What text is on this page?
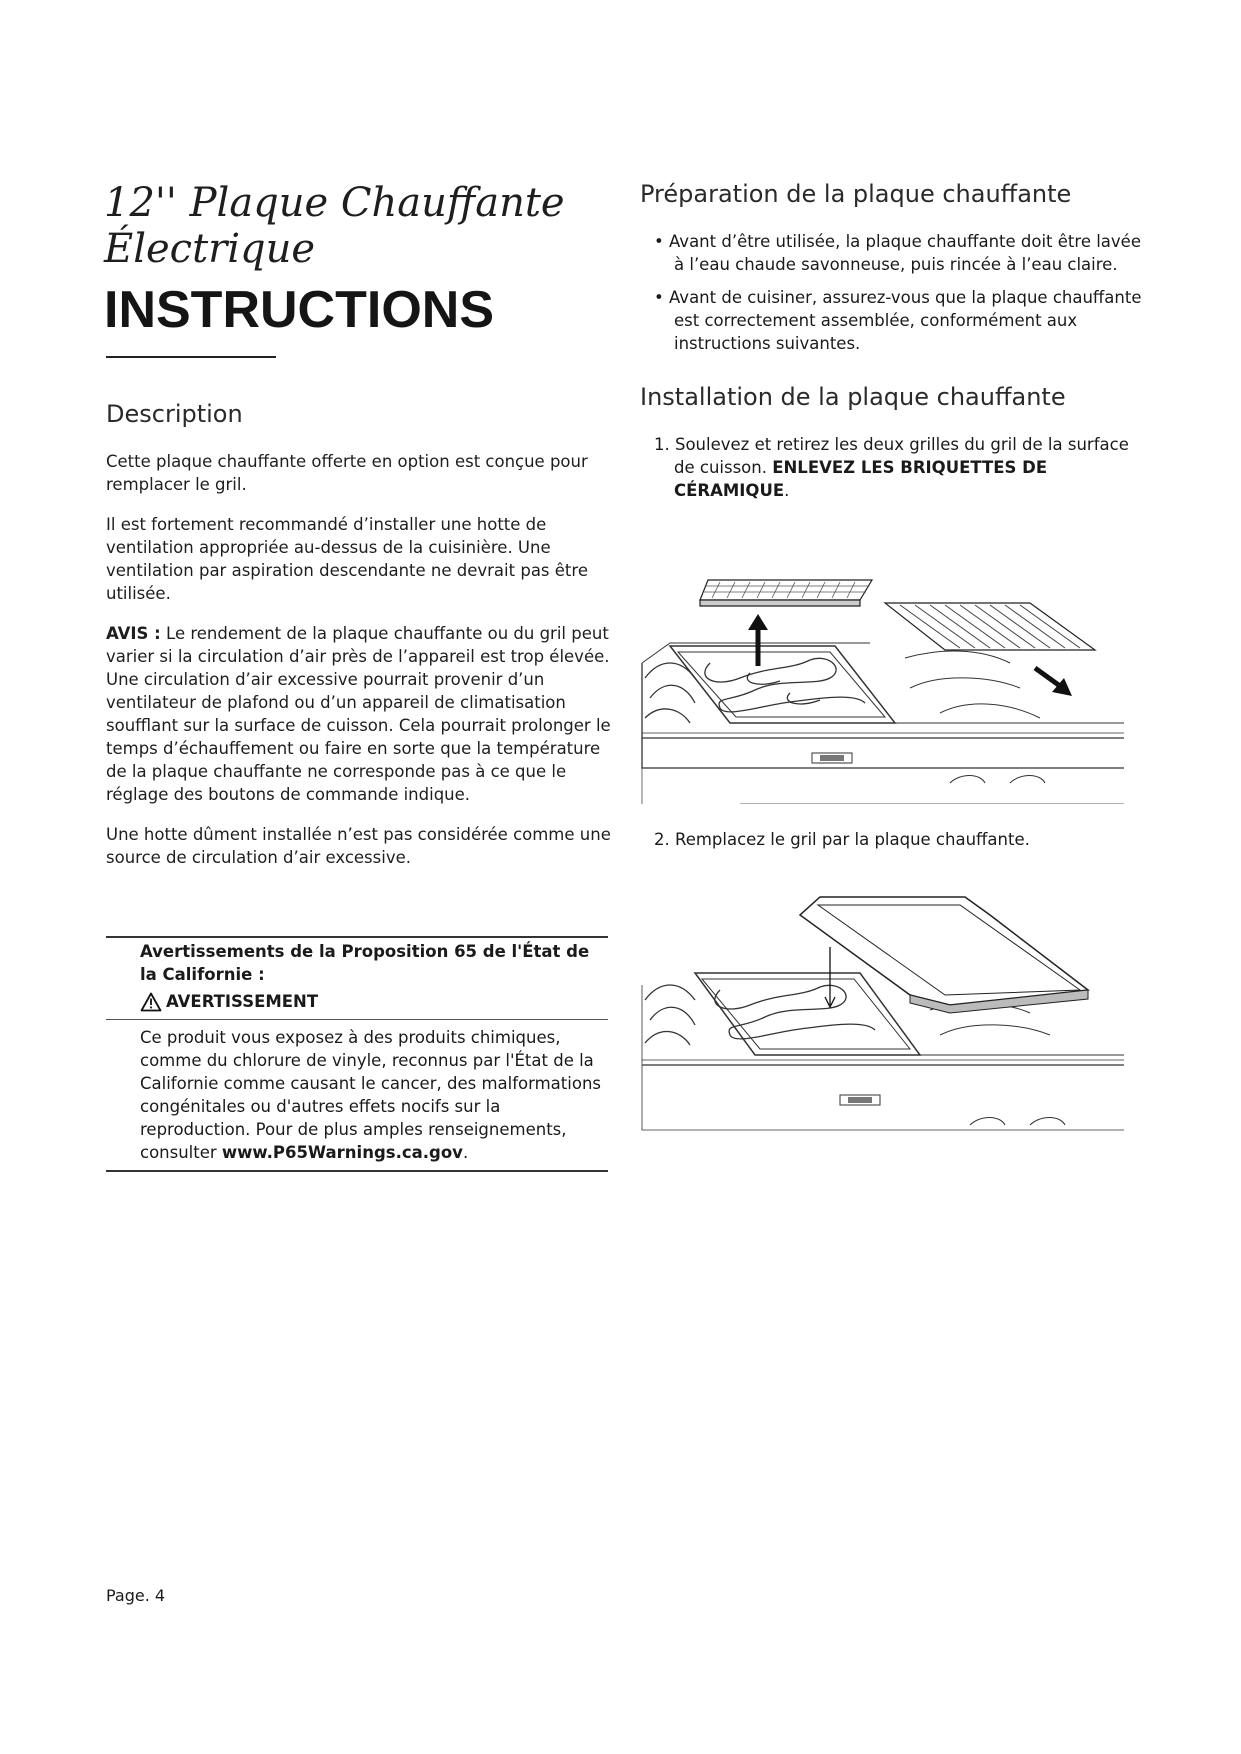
12'' Plaque Chauffante
Électrique
INSTRUCTIONS
Description

Cette plaque chauffante offerte en option est conçue pour remplacer le gril.

Il est fortement recommandé d’installer une hotte de ventilation appropriée au-dessus de la cuisinière. Une ventilation par aspiration descendante ne devrait pas être utilisée.

AVIS : Le rendement de la plaque chauffante ou du gril peut varier si la circulation d’air près de l’appareil est trop élevée. Une circulation d’air excessive pourrait provenir d’un ventilateur de plafond ou d’un appareil de climatisation soufflant sur la surface de cuisson. Cela pourrait prolonger le temps d’échauffement ou faire en sorte que la température de la plaque chauffante ne corresponde pas à ce que le réglage des boutons de commande indique.

Une hotte dûment installée n’est pas considérée comme une source de circulation d’air excessive.

Avertissements de la Proposition 65 de l'État de la Californie :

AVERTISSEMENT

Ce produit vous exposez à des produits chimiques, comme du chlorure de vinyle, reconnus par l'État de la Californie comme causant le cancer, des malformations congénitales ou d'autres effets nocifs sur la reproduction. Pour de plus amples renseignements, consulter www.P65Warnings.ca.gov.

Préparation de la plaque chauffante
• Avant d’être utilisée, la plaque chauffante doit être lavée à l’eau chaude savonneuse, puis rincée à l’eau claire.
• Avant de cuisiner, assurez-vous que la plaque chauffante est correctement assemblée, conformément aux instructions suivantes.
Installation de la plaque chauffante
1. Soulevez et retirez les deux grilles du gril de la surface de cuisson. ENLEVEZ LES BRIQUETTES DE CÉRAMIQUE.

2. Remplacez le gril par la plaque chauffante.

Page. 4
